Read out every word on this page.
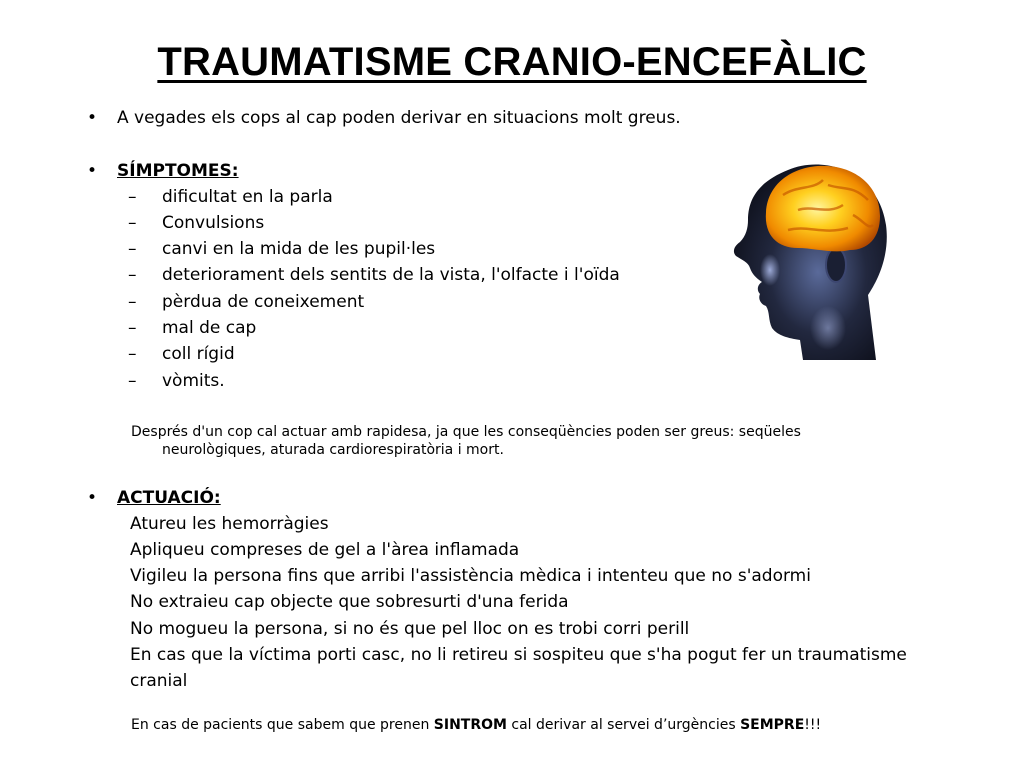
TRAUMATISME CRANIO-ENCEFÀLIC
• A vegades els cops al cap poden derivar en situacions molt greus.
• SÍMPTOMES:
– dificultat en la parla
– Convulsions
– canvi en la mida de les pupil·les
– deteriorament dels sentits de la vista, l'olfacte i l'oïda
– pèrdua de coneixement
– mal de cap
– coll rígid
– vòmits.
Després d'un cop cal actuar amb rapidesa, ja que les conseqüències poden ser greus: seqüeles
neurològiques, aturada cardiorespiratòria i mort.
• ACTUACIÓ:
Atureu les hemorràgies
Apliqueu compreses de gel a l'àrea inflamada
Vigileu la persona fins que arribi l'assistència mèdica i intenteu que no s'adormi
No extraieu cap objecte que sobresurti d'una ferida
No mogueu la persona, si no és que pel lloc on es trobi corri perill
En cas que la víctima porti casc, no li retireu si sospiteu que s'ha pogut fer un traumatisme
cranial
En cas de pacients que sabem que prenen SINTROM cal derivar al servei d’urgències SEMPRE!!!
